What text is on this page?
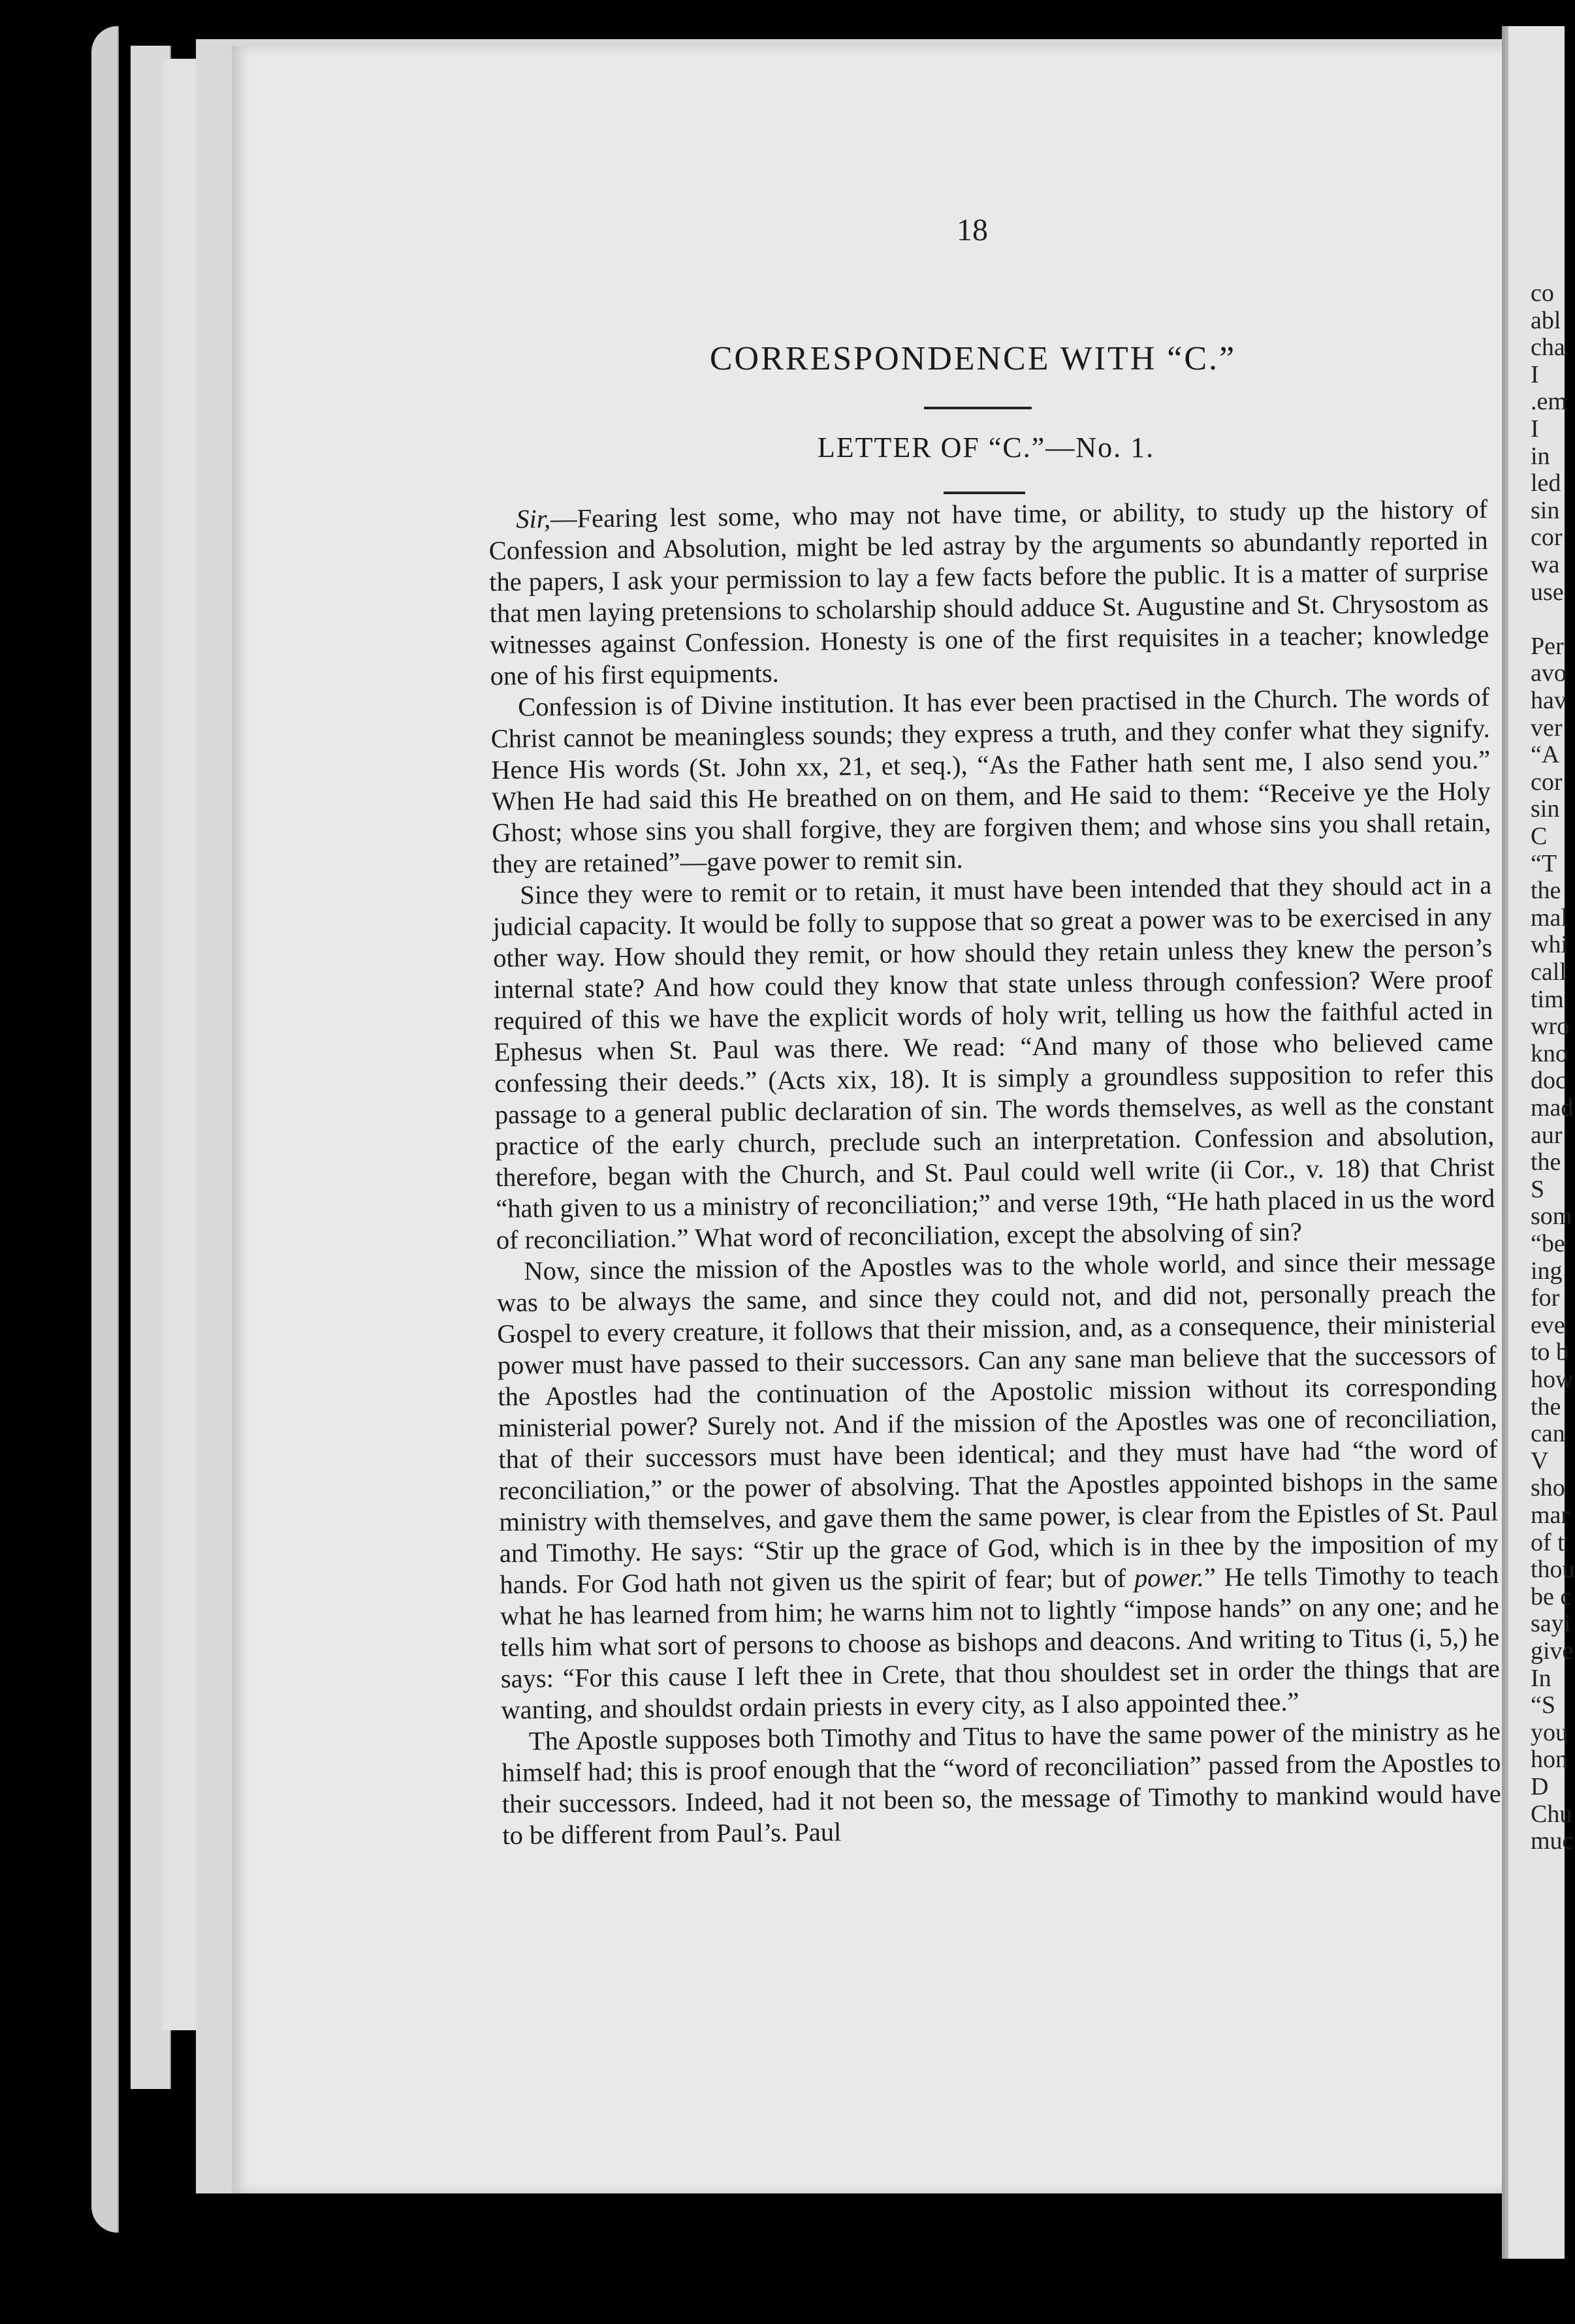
co
abl
cha
I
.em
I
in
led
sin
cor
wa
use
Per
avo
hav
ver
“A
cor
sin
C
“T
the
mal
whi
call
tim
wro
kno
doc
mad
aur
the
S
som
“be
ing
for
eve
to b
how
the
can
V
sho
mar
of t
thou
be c
sayi
give
In
“S
you
hon
D
Chu
muc
18
CORRESPONDENCE WITH “C.”
LETTER OF “C.”—No. 1.

Sir,—Fearing lest some, who may not have time, or ability, to study up the history of Confession and Absolution, might be led astray by the arguments so abundantly reported in the papers, I ask your permission to lay a few facts before the public. It is a matter of surprise that men laying pretensions to scholarship should adduce St. Augustine and St. Chrysostom as witnesses against Confession. Honesty is one of the first requisites in a teacher; knowledge one of his first equipments.

Confession is of Divine institution. It has ever been practised in the Church. The words of Christ cannot be meaningless sounds; they express a truth, and they confer what they signify. Hence His words (St. John xx, 21, et seq.), “As the Father hath sent me, I also send you.” When He had said this He breathed on on them, and He said to them: “Receive ye the Holy Ghost; whose sins you shall forgive, they are forgiven them; and whose sins you shall retain, they are retained”—gave power to remit sin.

Since they were to remit or to retain, it must have been intended that they should act in a judicial capacity. It would be folly to suppose that so great a power was to be exercised in any other way. How should they remit, or how should they retain unless they knew the person’s internal state? And how could they know that state unless through confession? Were proof required of this we have the explicit words of holy writ, telling us how the faithful acted in Ephesus when St. Paul was there. We read: “And many of those who believed came confessing their deeds.” (Acts xix, 18). It is simply a groundless supposition to refer this passage to a general public declaration of sin. The words themselves, as well as the constant practice of the early church, preclude such an interpretation. Confession and absolution, therefore, began with the Church, and St. Paul could well write (ii Cor., v. 18) that Christ “hath given to us a ministry of reconciliation;” and verse 19th, “He hath placed in us the word of reconciliation.” What word of reconciliation, except the absolving of sin?

Now, since the mission of the Apostles was to the whole world, and since their message was to be always the same, and since they could not, and did not, personally preach the Gospel to every creature, it follows that their mission, and, as a consequence, their ministerial power must have passed to their successors. Can any sane man believe that the successors of the Apostles had the continuation of the Apostolic mission without its corresponding ministerial power? Surely not. And if the mission of the Apostles was one of reconciliation, that of their successors must have been identical; and they must have had “the word of reconciliation,” or the power of absolving. That the Apostles appointed bishops in the same ministry with themselves, and gave them the same power, is clear from the Epistles of St. Paul and Timothy. He says: “Stir up the grace of God, which is in thee by the imposition of my hands. For God hath not given us the spirit of fear; but of power.” He tells Timothy to teach what he has learned from him; he warns him not to lightly “impose hands” on any one; and he tells him what sort of persons to choose as bishops and deacons. And writing to Titus (i, 5,) he says: “For this cause I left thee in Crete, that thou shouldest set in order the things that are wanting, and shouldst ordain priests in every city, as I also appointed thee.”

The Apostle supposes both Timothy and Titus to have the same power of the ministry as he himself had; this is proof enough that the “word of reconciliation” passed from the Apostles to their successors. Indeed, had it not been so, the message of Timothy to mankind would have to be different from Paul’s. Paul
